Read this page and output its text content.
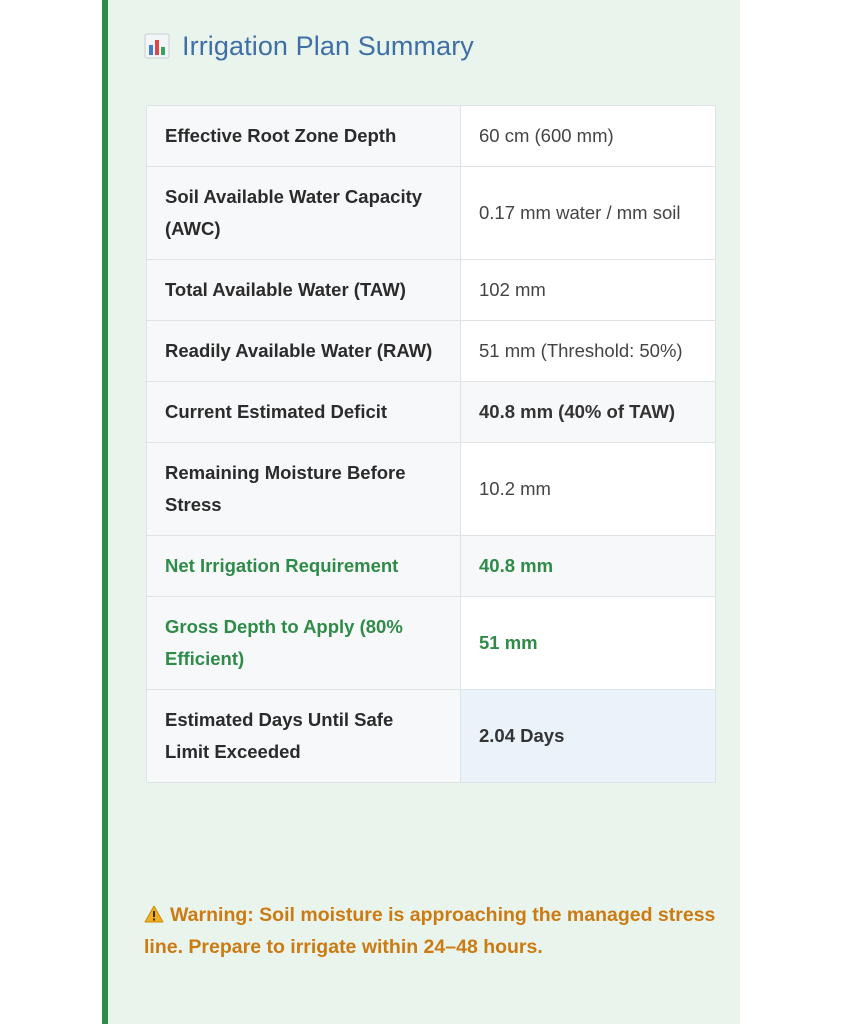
Irrigation Plan Summary
Effective Root Zone Depth	60 cm (600 mm)
Soil Available Water Capacity (AWC)	0.17 mm water / mm soil
Total Available Water (TAW)	102 mm
Readily Available Water (RAW)	51 mm (Threshold: 50%)
Current Estimated Deficit	40.8 mm (40% of TAW)
Remaining Moisture Before Stress	10.2 mm
Net Irrigation Requirement	40.8 mm
Gross Depth to Apply (80% Efficient)	51 mm
Estimated Days Until Safe Limit Exceeded	2.04 Days
Warning: Soil moisture is approaching the managed stress line. Prepare to irrigate within 24–48 hours.
